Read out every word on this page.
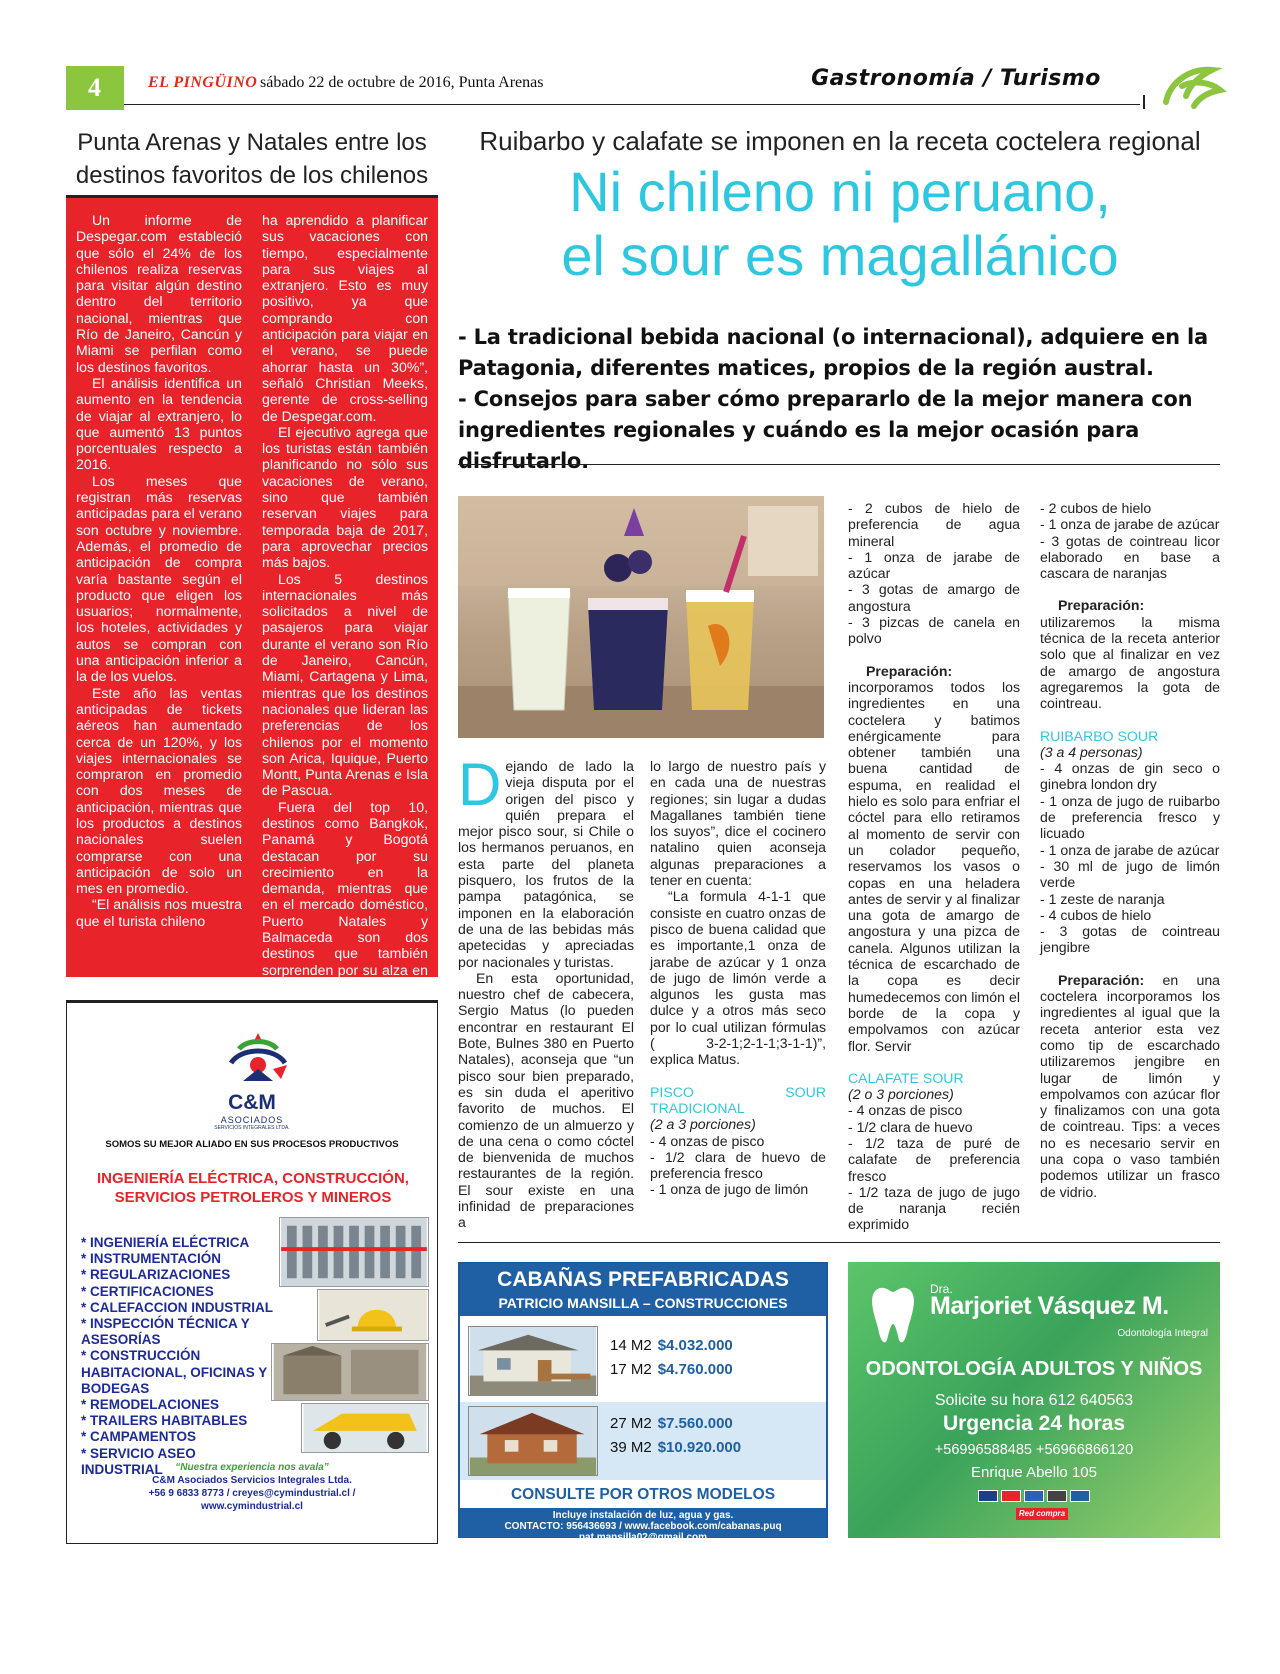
4	EL PINGÜINO sábado 22 de octubre de 2016, Punta Arenas	Gastronomía / Turismo
Punta Arenas y Natales entre los destinos favoritos de los chilenos

Un informe de Despegar.com estableció que sólo el 24% de los chilenos realiza reservas para visitar algún destino dentro del territorio nacional, mientras que Río de Janeiro, Cancún y Miami se perfilan como los destinos favoritos.

El análisis identifica un aumento en la tendencia de viajar al extranjero, lo que aumentó 13 puntos porcentuales respecto a 2016.

Los meses que registran más reservas anticipadas para el verano son octubre y noviembre. Además, el promedio de anticipación de compra varía bastante según el producto que eligen los usuarios; normalmente, los hoteles, actividades y autos se compran con una anticipación inferior a la de los vuelos.

Este año las ventas anticipadas de tickets aéreos han aumentado cerca de un 120%, y los viajes internacionales se compraron en promedio con dos meses de anticipación, mientras que los productos a destinos nacionales suelen comprarse con una anticipación de solo un mes en promedio.

“El análisis nos muestra que el turista chileno

ha aprendido a planificar sus vacaciones con tiempo, especialmente para sus viajes al extranjero. Esto es muy positivo, ya que comprando con anticipación para viajar en el verano, se puede ahorrar hasta un 30%”, señaló Christian Meeks, gerente de cross-selling de Despegar.com.

El ejecutivo agrega que los turistas están también planificando no sólo sus vacaciones de verano, sino que también reservan viajes para temporada baja de 2017, para aprovechar precios más bajos.

Los 5 destinos internacionales más solicitados a nivel de pasajeros para viajar durante el verano son Río de Janeiro, Cancún, Miami, Cartagena y Lima, mientras que los destinos nacionales que lideran las preferencias de los chilenos por el momento son Arica, Iquique, Puerto Montt, Punta Arenas e Isla de Pascua.

Fuera del top 10, destinos como Bangkok, Panamá y Bogotá destacan por su crecimiento en la demanda, mientras que en el mercado doméstico, Puerto Natales y Balmaceda son dos destinos que también sorprenden por su alza en la demanda.

C&M
ASOCIADOS
SERVICIOS INTEGRALES LTDA.
SOMOS SU MEJOR ALIADO EN SUS PROCESOS PRODUCTIVOS
INGENIERÍA ELÉCTRICA, CONSTRUCCIÓN, SERVICIOS PETROLEROS Y MINEROS
* INGENIERÍA ELÉCTRICA
* INSTRUMENTACIÓN
* REGULARIZACIONES
* CERTIFICACIONES
* CALEFACCION INDUSTRIAL
* INSPECCIÓN TÉCNICA Y ASESORÍAS
* CONSTRUCCIÓN HABITACIONAL, OFICINAS Y BODEGAS
* REMODELACIONES
* TRAILERS HABITABLES
* CAMPAMENTOS
* SERVICIO ASEO INDUSTRIAL	“Nuestra experiencia nos avala”
C&M Asociados Servicios Integrales Ltda.
+56 9 6833 8773 / creyes@cymindustrial.cl /
www.cymindustrial.cl
Ruibarbo y calafate se imponen en la receta coctelera regional
Ni chileno ni peruano,
el sour es magallánico
- La tradicional bebida nacional (o internacional), adquiere en la Patagonia, diferentes matices, propios de la región austral.
- Consejos para saber cómo prepararlo de la mejor manera con ingredientes regionales y cuándo es la mejor ocasión para disfrutarlo.
D ejando de lado la vieja disputa por el origen del pisco y quién prepara el mejor pisco sour, si Chile o los hermanos peruanos, en esta parte del planeta pisquero, los frutos de la pampa patagónica, se imponen en la elaboración de una de las bebidas más apetecidas y apreciadas por nacionales y turistas.

En esta oportunidad, nuestro chef de cabecera, Sergio Matus (lo pueden encontrar en restaurant El Bote, Bulnes 380 en Puerto Natales), aconseja que “un pisco sour bien preparado, es sin duda el aperitivo favorito de muchos. El comienzo de un almuerzo y de una cena o como cóctel de bienvenida de muchos restaurantes de la región. El sour existe en una infinidad de preparaciones a

lo largo de nuestro país y en cada una de nuestras regiones; sin lugar a dudas Magallanes también tiene los suyos”, dice el cocinero natalino quien aconseja algunas preparaciones a tener en cuenta:

“La formula 4-1-1 que consiste en cuatro onzas de pisco de buena calidad que es importante,1 onza de jarabe de azúcar y 1 onza de jugo de limón verde a algunos les gusta mas dulce y a otros más seco por lo cual utilizan fórmulas ( 3-2-1;2-1-1;3-1-1)”, explica Matus.

PISCO SOUR TRADICIONAL

(2 a 3 porciones)

- 4 onzas de pisco

- 1/2 clara de huevo de preferencia fresco

- 1 onza de jugo de limón

- 2 cubos de hielo de preferencia de agua mineral

- 1 onza de jarabe de azúcar

- 3 gotas de amargo de angostura

- 3 pizcas de canela en polvo

Preparación: incorporamos todos los ingredientes en una coctelera y batimos enérgicamente para obtener también una buena cantidad de espuma, en realidad el hielo es solo para enfriar el cóctel para ello retiramos al momento de servir con un colador pequeño, reservamos los vasos o copas en una heladera antes de servir y al finalizar una gota de amargo de angostura y una pizca de canela. Algunos utilizan la técnica de escarchado de la copa es decir humedecemos con limón el borde de la copa y empolvamos con azúcar flor. Servir

CALAFATE SOUR

(2 o 3 porciones)

- 4 onzas de pisco

- 1/2 clara de huevo

- 1/2 taza de puré de calafate de preferencia fresco

- 1/2 taza de jugo de jugo de naranja recién exprimido

- 2 cubos de hielo

- 1 onza de jarabe de azúcar

- 3 gotas de cointreau licor elaborado en base a cascara de naranjas

Preparación: utilizaremos la misma técnica de la receta anterior solo que al finalizar en vez de amargo de angostura agregaremos la gota de cointreau.

RUIBARBO SOUR

(3 a 4 personas)

- 4 onzas de gin seco o ginebra london dry

- 1 onza de jugo de ruibarbo de preferencia fresco y licuado

- 1 onza de jarabe de azúcar

- 30 ml de jugo de limón verde

- 1 zeste de naranja

- 4 cubos de hielo

- 3 gotas de cointreau jengibre

Preparación: en una coctelera incorporamos los ingredientes al igual que la receta anterior esta vez como tip de escarchado utilizaremos jengibre en lugar de limón y empolvamos con azúcar flor y finalizamos con una gota de cointreau. Tips: a veces no es necesario servir en una copa o vaso también podemos utilizar un frasco de vidrio.

CABAÑAS PREFABRICADAS
PATRICIO MANSILLA – CONSTRUCCIONES
14 M2 $4.032.000
17 M2 $4.760.000
27 M2 $7.560.000
39 M2 $10.920.000
CONSULTE POR OTROS MODELOS
Incluye instalación de luz, agua y gas.
CONTACTO: 956436693 / www.facebook.com/cabanas.puq
pat.mansilla02@gmail.com
Dra.
Marjoriet Vásquez M.
Odontología Integral
ODONTOLOGÍA ADULTOS Y NIÑOS
Solicite su hora 612 640563
Urgencia 24 horas
+56996588485 +56966866120
Enrique Abello 105
Red compra
